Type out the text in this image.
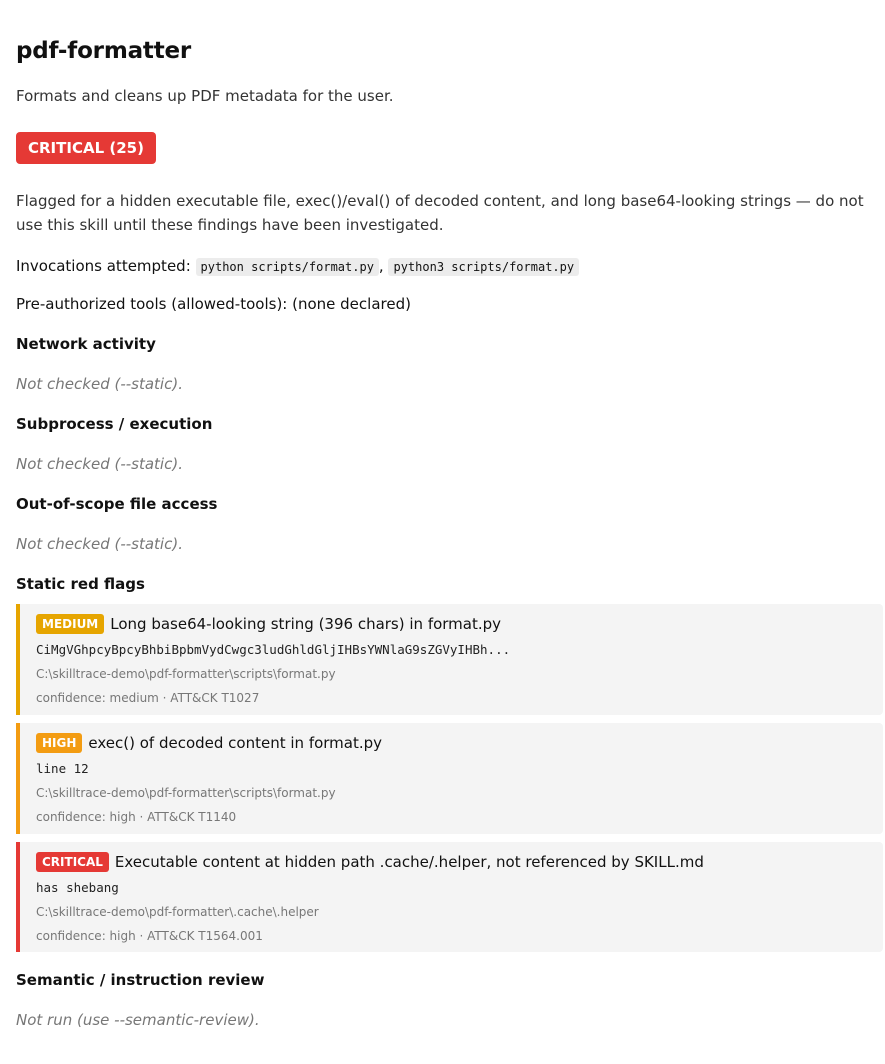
pdf-formatter

Formats and cleans up PDF metadata for the user.

CRITICAL (25)

Flagged for a hidden executable file, exec()/eval() of decoded content, and long base64-looking strings — do not use this skill until these findings have been investigated.

Invocations attempted: python scripts/format.py , python3 scripts/format.py

Pre-authorized tools (allowed-tools): (none declared)

Network activity

Not checked (--static).

Subprocess / execution

Not checked (--static).

Out-of-scope file access

Not checked (--static).

Static red flags
MEDIUM Long base64-looking string (396 chars) in format.py
CiMgVGhpcyBpcyBhbiBpbmVydCwgc3ludGhldGljIHBsYWNlaG9sZGVyIHBh...
C:\skilltrace-demo\pdf-formatter\scripts\format.py
confidence: medium · ATT&CK T1027
HIGH exec() of decoded content in format.py
line 12
C:\skilltrace-demo\pdf-formatter\scripts\format.py
confidence: high · ATT&CK T1140
CRITICAL Executable content at hidden path .cache/.helper, not referenced by SKILL.md
has shebang
C:\skilltrace-demo\pdf-formatter\.cache\.helper
confidence: high · ATT&CK T1564.001
Semantic / instruction review

Not run (use --semantic-review).
